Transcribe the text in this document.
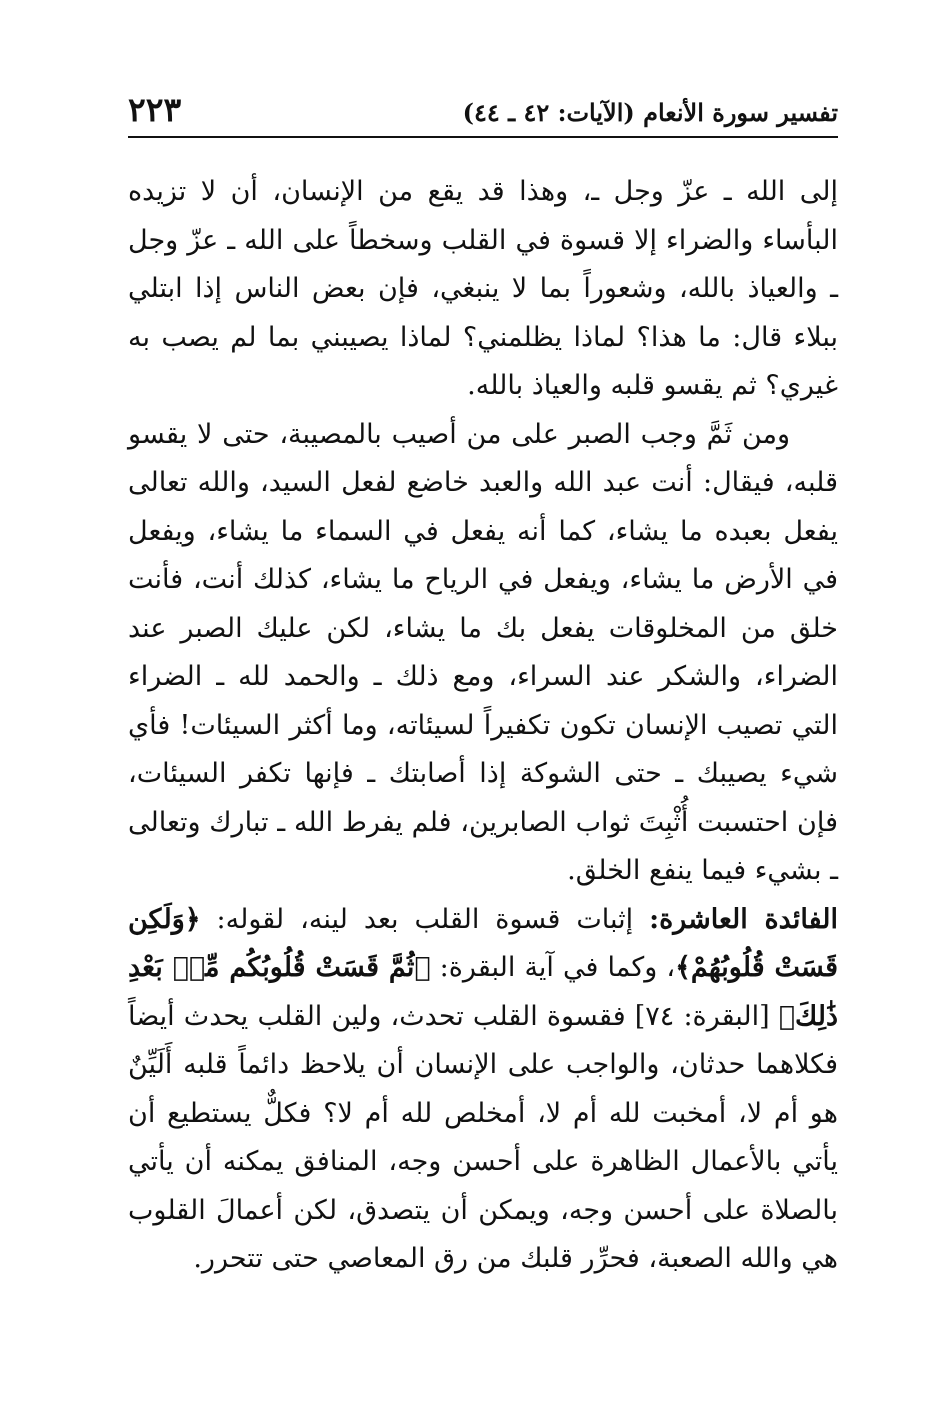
تفسير سورة الأنعام (الآيات: ٤٢ ـ ٤٤)
٢٢٣

إلى الله ـ عزّ وجل ـ، وهذا قد يقع من الإنسان، أن لا تزيده البأساء والضراء إلا قسوة في القلب وسخطاً على الله ـ عزّ وجل ـ والعياذ بالله، وشعوراً بما لا ينبغي، فإن بعض الناس إذا ابتلي ببلاء قال: ما هذا؟ لماذا يظلمني؟ لماذا يصيبني بما لم يصب به غيري؟ ثم يقسو قلبه والعياذ بالله.

ومن ثَمَّ وجب الصبر على من أصيب بالمصيبة، حتى لا يقسو قلبه، فيقال: أنت عبد الله والعبد خاضع لفعل السيد، والله تعالى يفعل بعبده ما يشاء، كما أنه يفعل في السماء ما يشاء، ويفعل في الأرض ما يشاء، ويفعل في الرياح ما يشاء، كذلك أنت، فأنت خلق من المخلوقات يفعل بك ما يشاء، لكن عليك الصبر عند الضراء، والشكر عند السراء، ومع ذلك ـ والحمد لله ـ الضراء التي تصيب الإنسان تكون تكفيراً لسيئاته، وما أكثر السيئات! فأي شيء يصيبك ـ حتى الشوكة إذا أصابتك ـ فإنها تكفر السيئات، فإن احتسبت أُثْبِتَ ثواب الصابرين، فلم يفرط الله ـ تبارك وتعالى ـ بشيء فيما ينفع الخلق.

الفائدة العاشرة: إثبات قسوة القلب بعد لينه، لقوله: ﴿وَلَكِن قَسَتْ قُلُوبُهُمْ﴾، وكما في آية البقرة: ﴿ثُمَّ قَسَتْ قُلُوبُكُم مِّنۢ بَعْدِ ذَٰلِكَ﴾ [البقرة: ٧٤] فقسوة القلب تحدث، ولين القلب يحدث أيضاً فكلاهما حدثان، والواجب على الإنسان أن يلاحظ دائماً قلبه أَلَيِّنٌ هو أم لا، أمخبت لله أم لا، أمخلص لله أم لا؟ فكلٌّ يستطيع أن يأتي بالأعمال الظاهرة على أحسن وجه، المنافق يمكنه أن يأتي بالصلاة على أحسن وجه، ويمكن أن يتصدق، لكن أعمالَ القلوب هي والله الصعبة، فحرِّر قلبك من رق المعاصي حتى تتحرر.
